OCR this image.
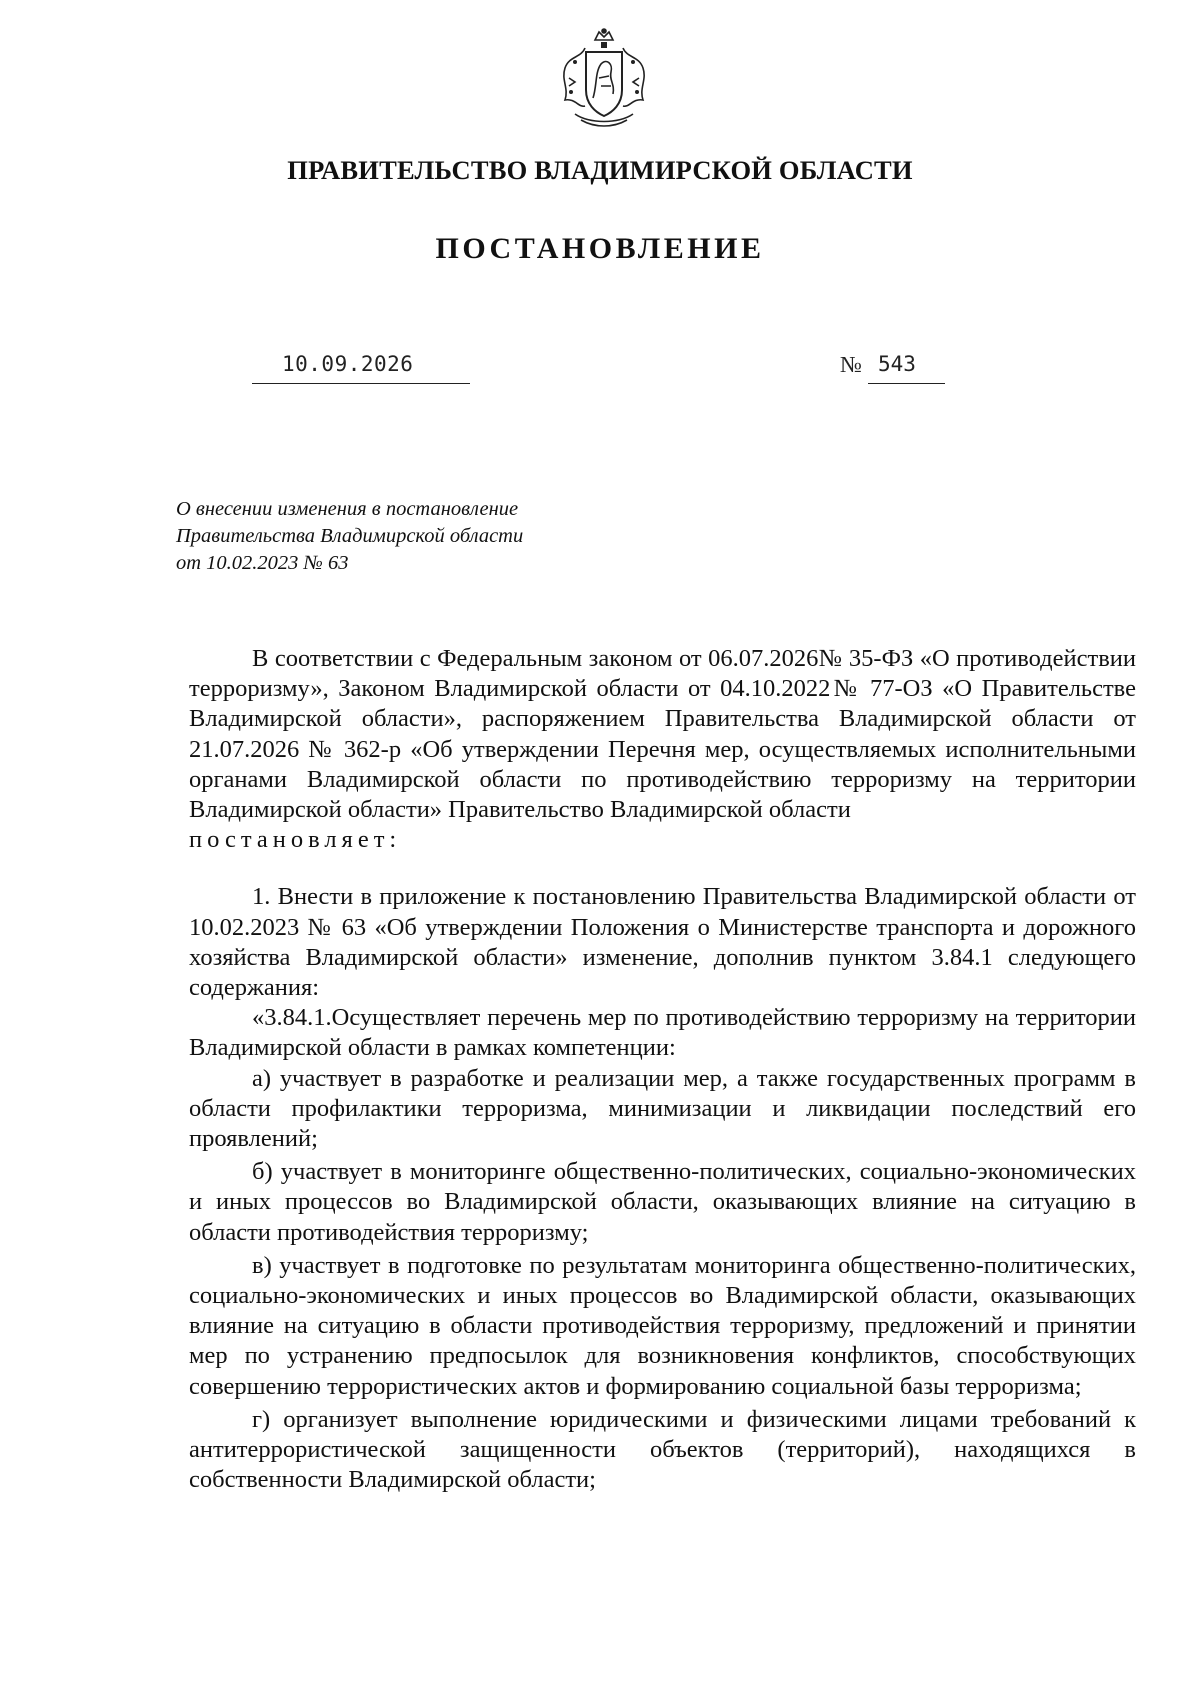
ПРАВИТЕЛЬСТВО ВЛАДИМИРСКОЙ ОБЛАСТИ
ПОСТАНОВЛЕНИЕ
10.09.2026	№ 543
О внесении изменения в постановление
Правительства Владимирской области
от 10.02.2023 № 63

В соответствии с Федеральным законом от 06.07.2026№ 35-ФЗ «О противодействии терроризму», Законом Владимирской области от 04.10.2022№ 77-ОЗ «О Правительстве Владимирской области», распоряжением Правительства Владимирской области от 21.07.2026 № 362-р «Об утверждении Перечня мер, осуществляемых исполнительными органами Владимирской области по противодействию терроризму на территории Владимирской области» Правительство Владимирской области

постановляет:

1. Внести в приложение к постановлению Правительства Владимирской области от 10.02.2023 № 63 «Об утверждении Положения о Министерстве транспорта и дорожного хозяйства Владимирской области» изменение, дополнив пунктом 3.84.1 следующего содержания:

«3.84.1.Осуществляет перечень мер по противодействию терроризму на территории Владимирской области в рамках компетенции:

а) участвует в разработке и реализации мер, а также государственных программ в области профилактики терроризма, минимизации и ликвидации последствий его проявлений;

б) участвует в мониторинге общественно-политических, социально-экономических и иных процессов во Владимирской области, оказывающих влияние на ситуацию в области противодействия терроризму;

в) участвует в подготовке по результатам мониторинга общественно-политических, социально-экономических и иных процессов во Владимирской области, оказывающих влияние на ситуацию в области противодействия терроризму, предложений и принятии мер по устранению предпосылок для возникновения конфликтов, способствующих совершению террористических актов и формированию социальной базы терроризма;

г) организует выполнение юридическими и физическими лицами требований к антитеррористической защищенности объектов (территорий), находящихся в собственности Владимирской области;
